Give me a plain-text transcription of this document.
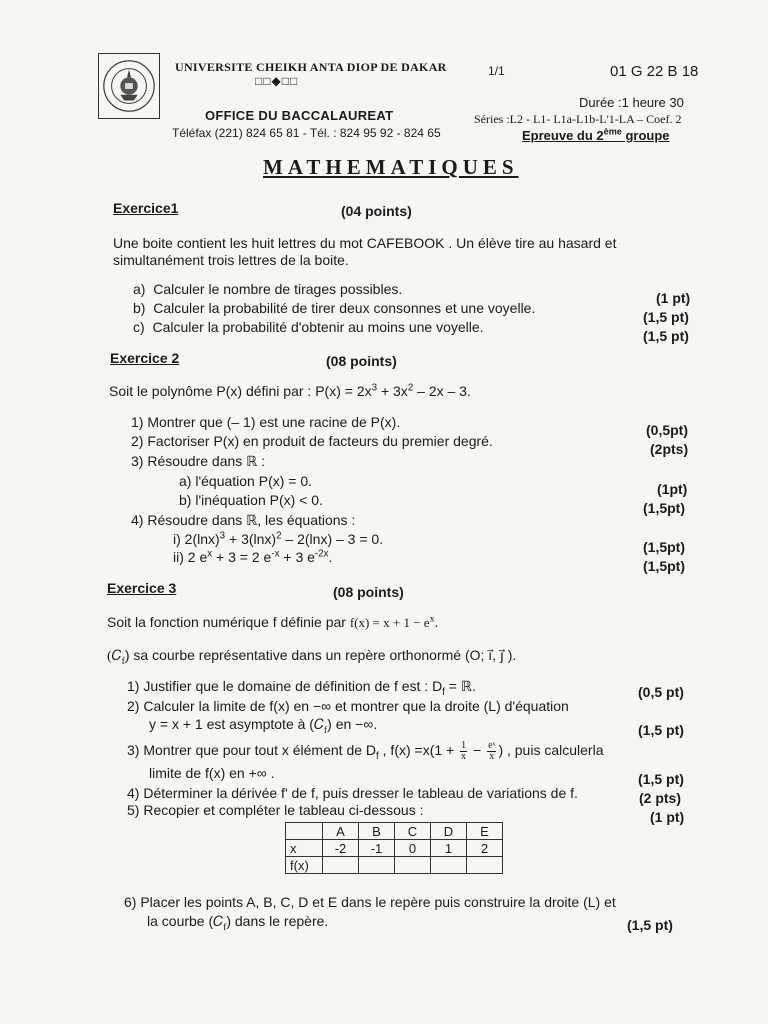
UNIVERSITE CHEIKH ANTA DIOP DE DAKAR
□□◆□□
OFFICE DU BACCALAUREAT
Téléfax (221) 824 65 81 - Tél. : 824 95 92 - 824 65
1/1	01 G 22 B 18
Durée :1 heure 30
Séries :L2 - L1- L1a-L1b-L'1-LA – Coef. 2
Epreuve du 2ème groupe
MATHEMATIQUES
Exercice1	(04 points)
Une boite contient les huit lettres du mot CAFEBOOK . Un élève tire au hasard et
simultanément trois lettres de la boite.
a) Calculer le nombre de tirages possibles.
(1 pt)
b) Calculer la probabilité de tirer deux consonnes et une voyelle.
(1,5 pt)
c) Calculer la probabilité d'obtenir au moins une voyelle.
(1,5 pt)
Exercice 2	(08 points)
Soit le polynôme P(x) défini par : $P(x) = 2x^3 + 3x^2 - 2x - 3$.
1) Montrer que (– 1) est une racine de P(x).	(0,5pt)
2) Factoriser P(x) en produit de facteurs du premier degré.	(2pts)
3) Résoudre dans ℝ :
a) l'équation P(x) = 0.	(1pt)
b) l'inéquation P(x) < 0.	(1,5pt)
4) Résoudre dans ℝ, les équations :
i) $2(\ln x)^3 + 3(\ln x)^2 - 2(\ln x) - 3 = 0$.	(1,5pt)
ii) 2 $e^x + 3 = 2$ $e^{-x} + 3$ $e^{-2x}$.
(1,5pt)
Exercice 3	(08 points)
Soit la fonction numérique f définie par $f(x) = x + 1 - e^x$.
(𝐶$_f$) sa courbe représentative dans un repère orthonormé (O; i⃗, j⃗ ).
1) Justifier que le domaine de définition de f est : $D_f$ = ℝ.	(0,5 pt)
2) Calculer la limite de f(x) en −∞ et montrer que la droite (L) d'équation
y = x + 1 est asymptote à (𝐶$_f$) en −∞.	(1,5 pt)
3) Montrer que pour tout x élément de $D_f$ , $f(x) =x(1 + \frac{1}{x} - \frac{\text{eˣ}}{x}$ ) , puis calculerla
limite de f(x) en +∞ .	(1,5 pt)
4) Déterminer la dérivée f' de f, puis dresser le tableau de variations de f.	(2 pts)
5) Recopier et compléter le tableau ci-dessous :	(1 pt)
	A	B	C	D	E
x	-2	-1	0	1	2
f(x)					
6) Placer les points A, B, C, D et E dans le repère puis construire la droite (L) et
la courbe (𝐶$_f$) dans le repère.	(1,5 pt)
